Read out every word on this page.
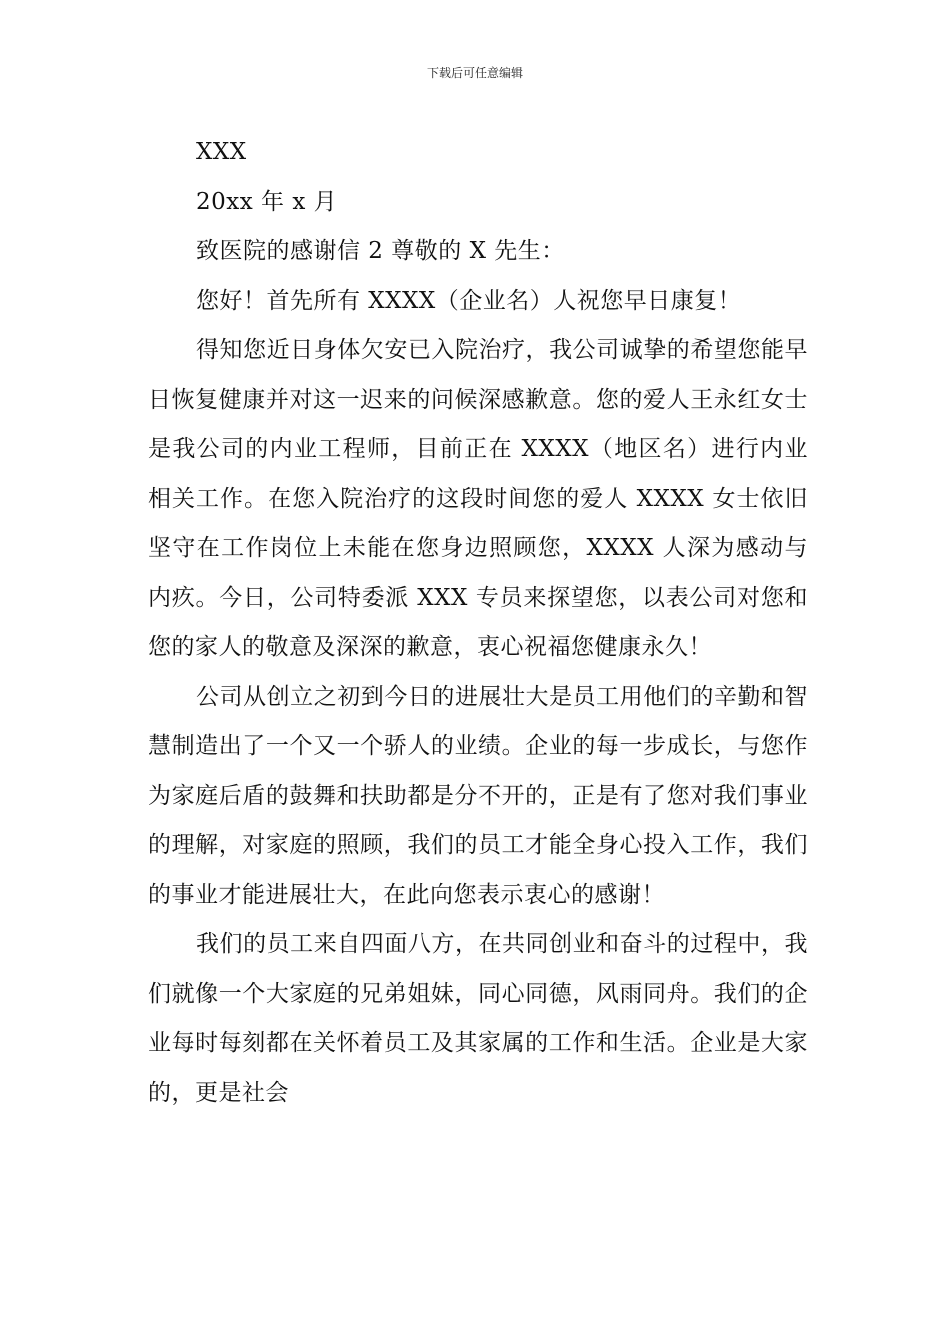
下载后可任意编辑

XXX

20xx 年 x 月

致医院的感谢信 2 尊敬的 X 先生：

您好！首先所有 XXXX（企业名）人祝您早日康复！

得知您近日身体欠安已入院治疗，我公司诚挚的希望您能早日恢复健康并对这一迟来的问候深感歉意。您的爱人王永红女士是我公司的内业工程师，目前正在 XXXX（地区名）进行内业相关工作。在您入院治疗的这段时间您的爱人 XXXX 女士依旧坚守在工作岗位上未能在您身边照顾您，XXXX 人深为感动与内疚。今日，公司特委派 XXX 专员来探望您，以表公司对您和您的家人的敬意及深深的歉意，衷心祝福您健康永久！

公司从创立之初到今日的进展壮大是员工用他们的辛勤和智慧制造出了一个又一个骄人的业绩。企业的每一步成长，与您作为家庭后盾的鼓舞和扶助都是分不开的，正是有了您对我们事业的理解，对家庭的照顾，我们的员工才能全身心投入工作，我们的事业才能进展壮大，在此向您表示衷心的感谢！

我们的员工来自四面八方，在共同创业和奋斗的过程中，我们就像一个大家庭的兄弟姐妹，同心同德，风雨同舟。我们的企业每时每刻都在关怀着员工及其家属的工作和生活。企业是大家的，更是社会
